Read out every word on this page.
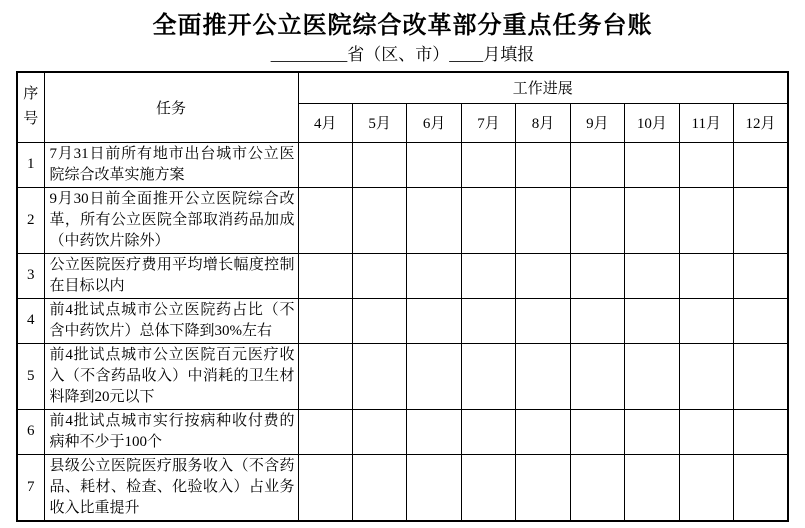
全面推开公立医院综合改革部分重点任务台账
_________省（区、市）____月填报
序号	任务	工作进展								
		4月	5月	6月	7月	8月	9月	10月	11月	12月
1	7月31日前所有地市出台城市公立医院综合改革实施方案									
2	9月30日前全面推开公立医院综合改革，所有公立医院全部取消药品加成（中药饮片除外）									
3	公立医院医疗费用平均增长幅度控制在目标以内									
4	前4批试点城市公立医院药占比（不含中药饮片）总体下降到30%左右									
5	前4批试点城市公立医院百元医疗收入（不含药品收入）中消耗的卫生材料降到20元以下									
6	前4批试点城市实行按病种收付费的病种不少于100个									
7	县级公立医院医疗服务收入（不含药品、耗材、检查、化验收入）占业务收入比重提升									
